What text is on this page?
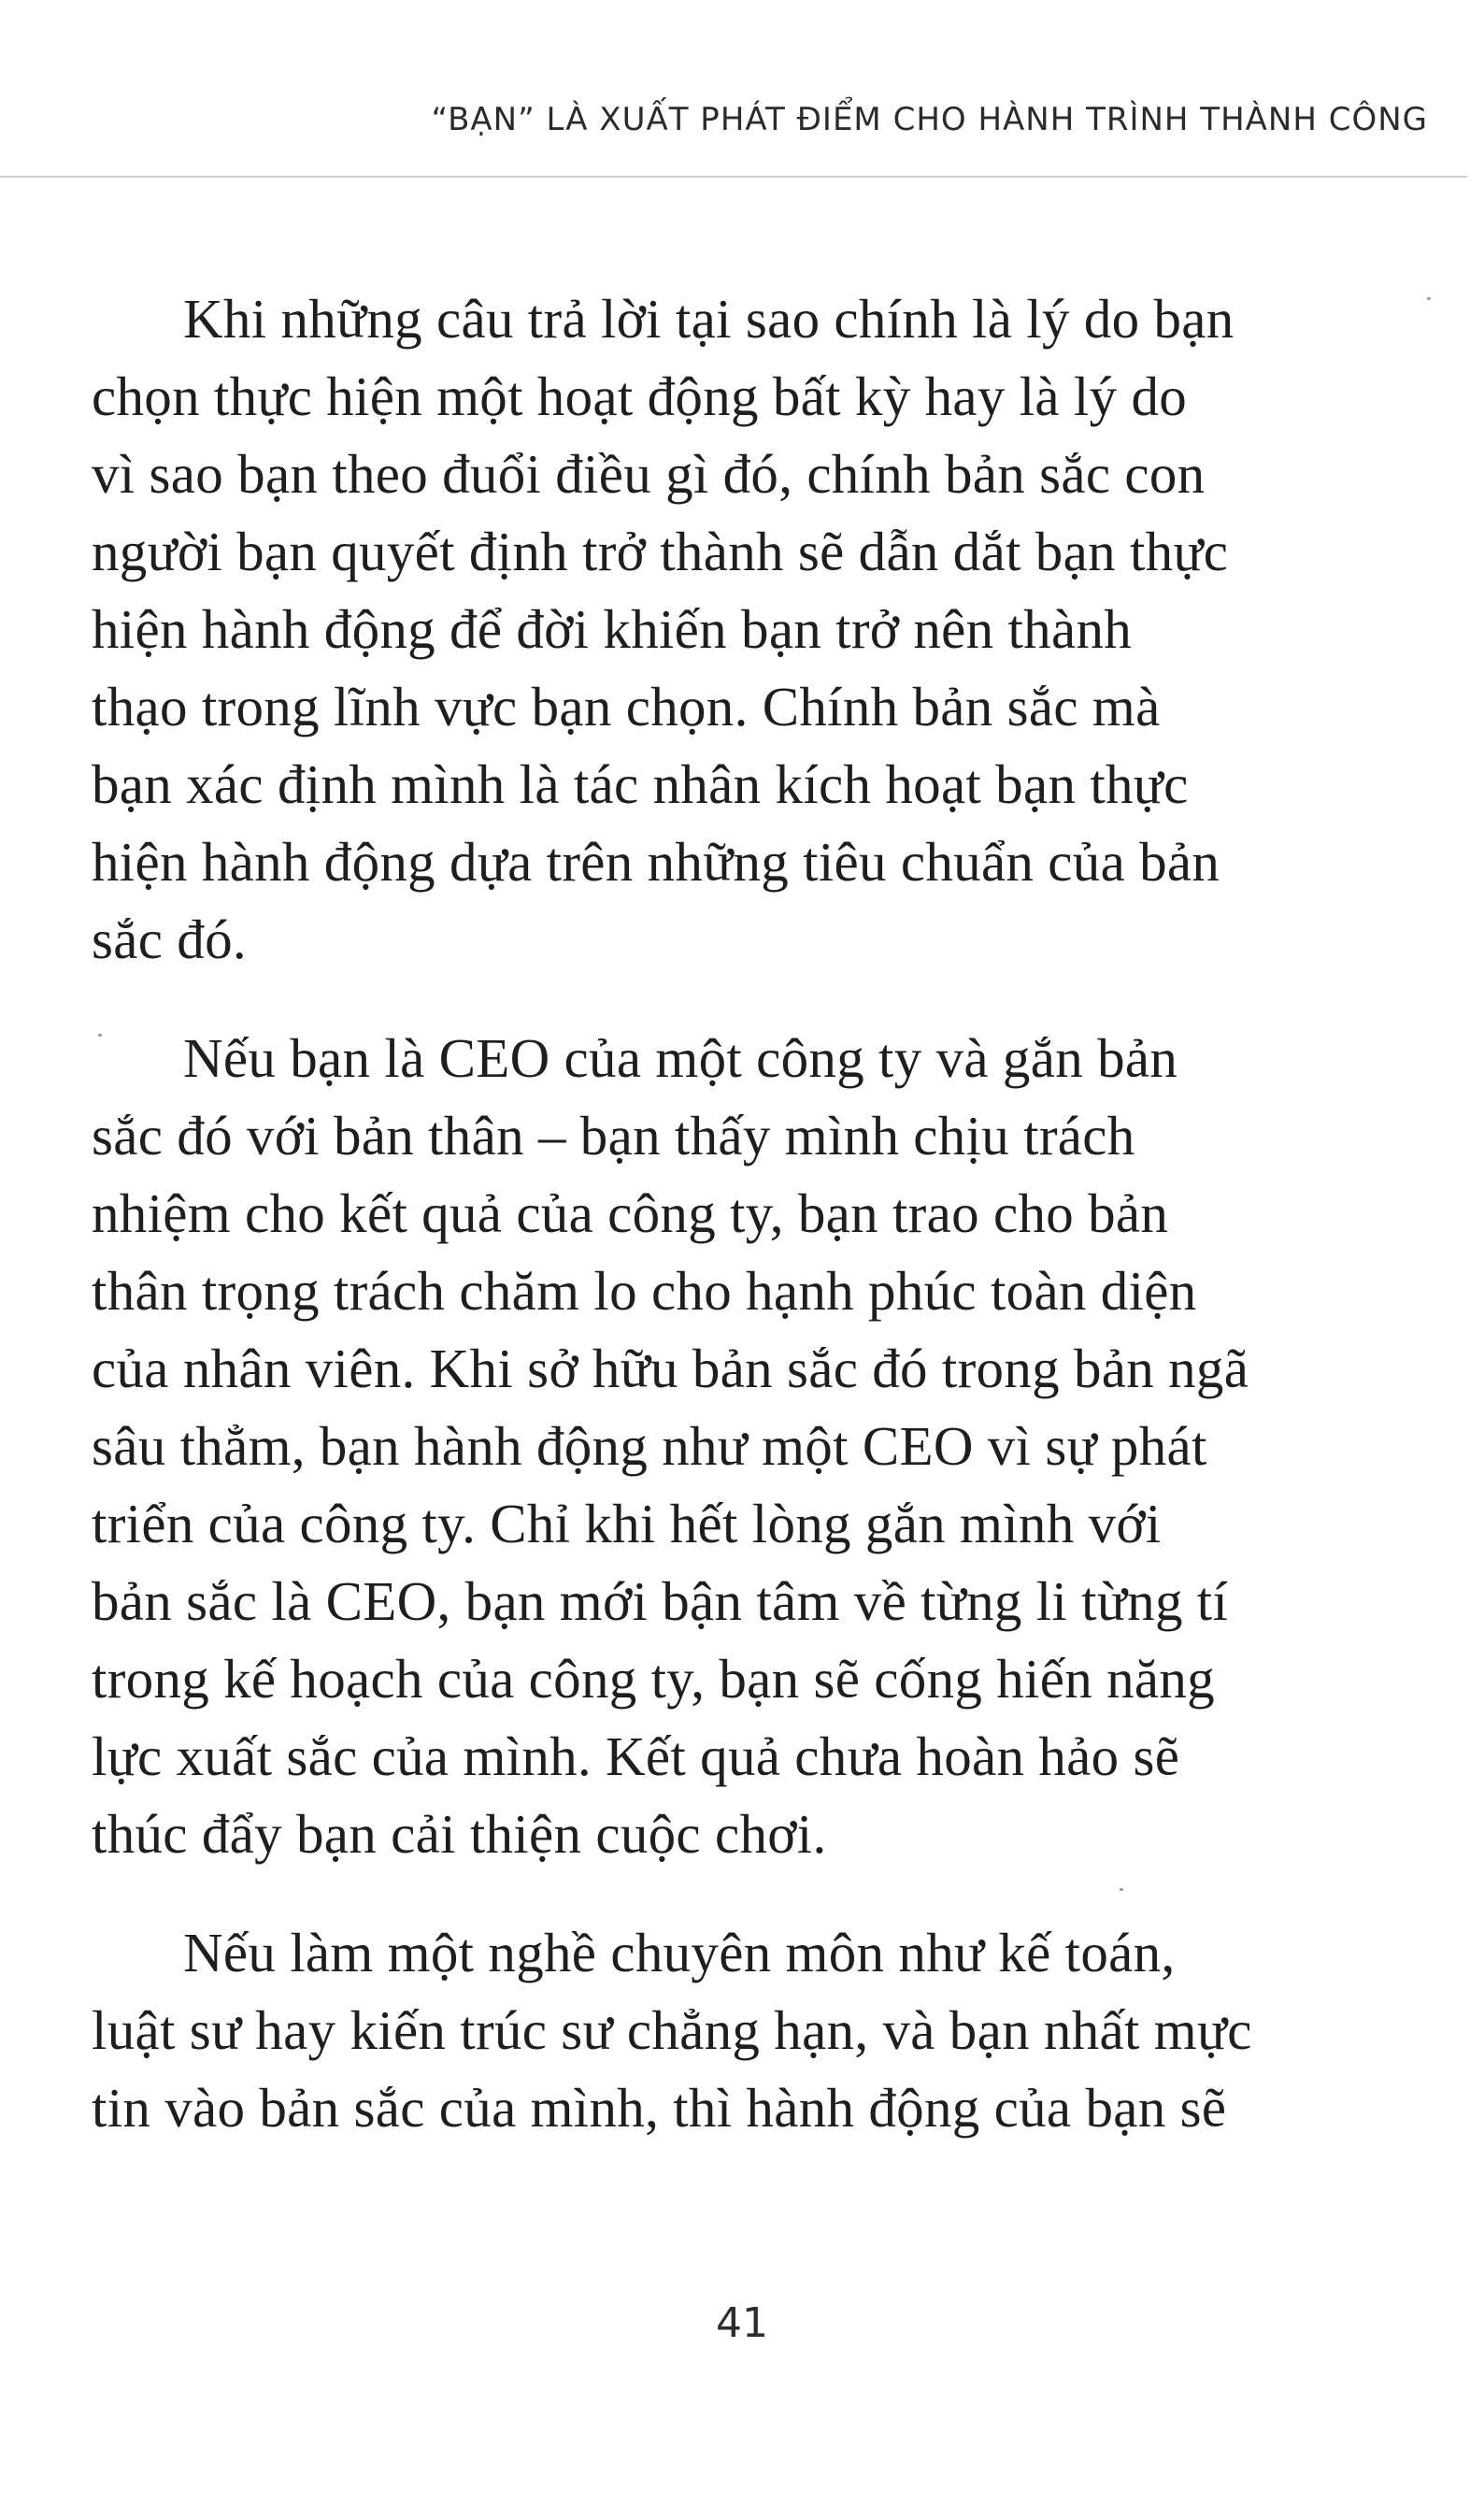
“BẠN” LÀ XUẤT PHÁT ĐIỂM CHO HÀNH TRÌNH THÀNH CÔNG

Khi những câu trả lời tại sao chính là lý do bạn
chọn thực hiện một hoạt động bất kỳ hay là lý do
vì sao bạn theo đuổi điều gì đó, chính bản sắc con
người bạn quyết định trở thành sẽ dẫn dắt bạn thực
hiện hành động để đời khiến bạn trở nên thành
thạo trong lĩnh vực bạn chọn. Chính bản sắc mà
bạn xác định mình là tác nhân kích hoạt bạn thực
hiện hành động dựa trên những tiêu chuẩn của bản
sắc đó.

Nếu bạn là CEO của một công ty và gắn bản
sắc đó với bản thân – bạn thấy mình chịu trách
nhiệm cho kết quả của công ty, bạn trao cho bản
thân trọng trách chăm lo cho hạnh phúc toàn diện
của nhân viên. Khi sở hữu bản sắc đó trong bản ngã
sâu thẳm, bạn hành động như một CEO vì sự phát
triển của công ty. Chỉ khi hết lòng gắn mình với
bản sắc là CEO, bạn mới bận tâm về từng li từng tí
trong kế hoạch của công ty, bạn sẽ cống hiến năng
lực xuất sắc của mình. Kết quả chưa hoàn hảo sẽ
thúc đẩy bạn cải thiện cuộc chơi.

Nếu làm một nghề chuyên môn như kế toán,
luật sư hay kiến trúc sư chẳng hạn, và bạn nhất mực
tin vào bản sắc của mình, thì hành động của bạn sẽ

41
